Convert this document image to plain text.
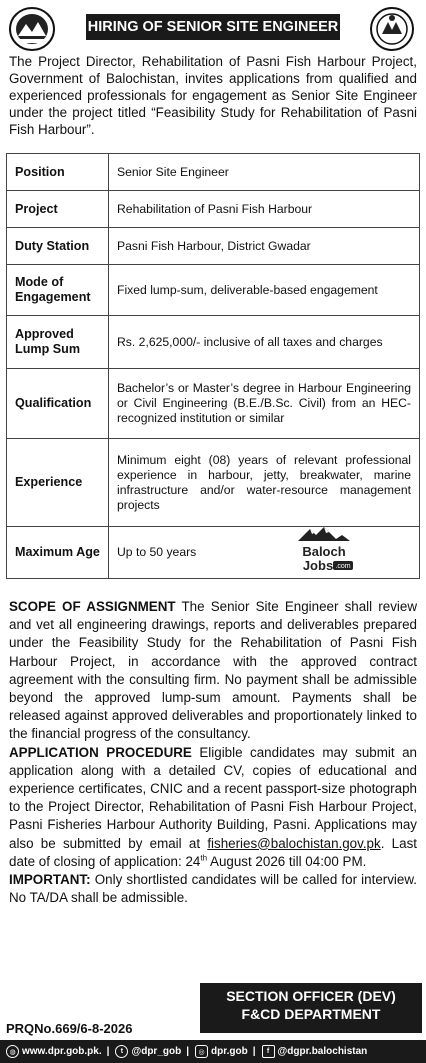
HIRING OF SENIOR SITE ENGINEER
The Project Director, Rehabilitation of Pasni Fish Harbour Project, Government of Balochistan, invites applications from qualified and experienced professionals for engagement as Senior Site Engineer under the project titled “Feasibility Study for Rehabilitation of Pasni Fish Harbour”.
Position	Senior Site Engineer
Project	Rehabilitation of Pasni Fish Harbour
Duty Station	Pasni Fish Harbour, District Gwadar
Mode of Engagement	Fixed lump-sum, deliverable-based engagement
Approved Lump Sum	Rs. 2,625,000/- inclusive of all taxes and charges
Qualification	Bachelor’s or Master’s degree in Harbour Engineering or Civil Engineering (B.E./B.Sc. Civil) from an HEC-recognized institution or similar
Experience	Minimum eight (08) years of relevant professional experience in harbour, jetty, breakwater, marine infrastructure and/or water-resource management projects
Maximum Age	Up to 50 years	Baloch
Jobs .com

SCOPE OF ASSIGNMENT The Senior Site Engineer shall review and vet all engineering drawings, reports and deliverables prepared under the Feasibility Study for the Rehabilitation of Pasni Fish Harbour Project, in accordance with the approved contract agreement with the consulting firm. No payment shall be admissible beyond the approved lump-sum amount. Payments shall be released against approved deliverables and proportionately linked to the financial progress of the consultancy.

APPLICATION PROCEDURE Eligible candidates may submit an application along with a detailed CV, copies of educational and experience certificates, CNIC and a recent passport-size photograph to the Project Director, Rehabilitation of Pasni Fish Harbour Project, Pasni Fisheries Harbour Authority Building, Pasni. Applications may also be submitted by email at fisheries@balochistan.gov.pk. Last date of closing of application: 24th August 2026 till 04:00 PM.

IMPORTANT: Only shortlisted candidates will be called for interview. No TA/DA shall be admissible.

SECTION OFFICER (DEV)
F&CD DEPARTMENT
PRQNo.669/6-8-2026
◍ www.dpr.gob.pk. |	t @dpr_gob |	◎ dpr.gob |	f @dgpr.balochistan
